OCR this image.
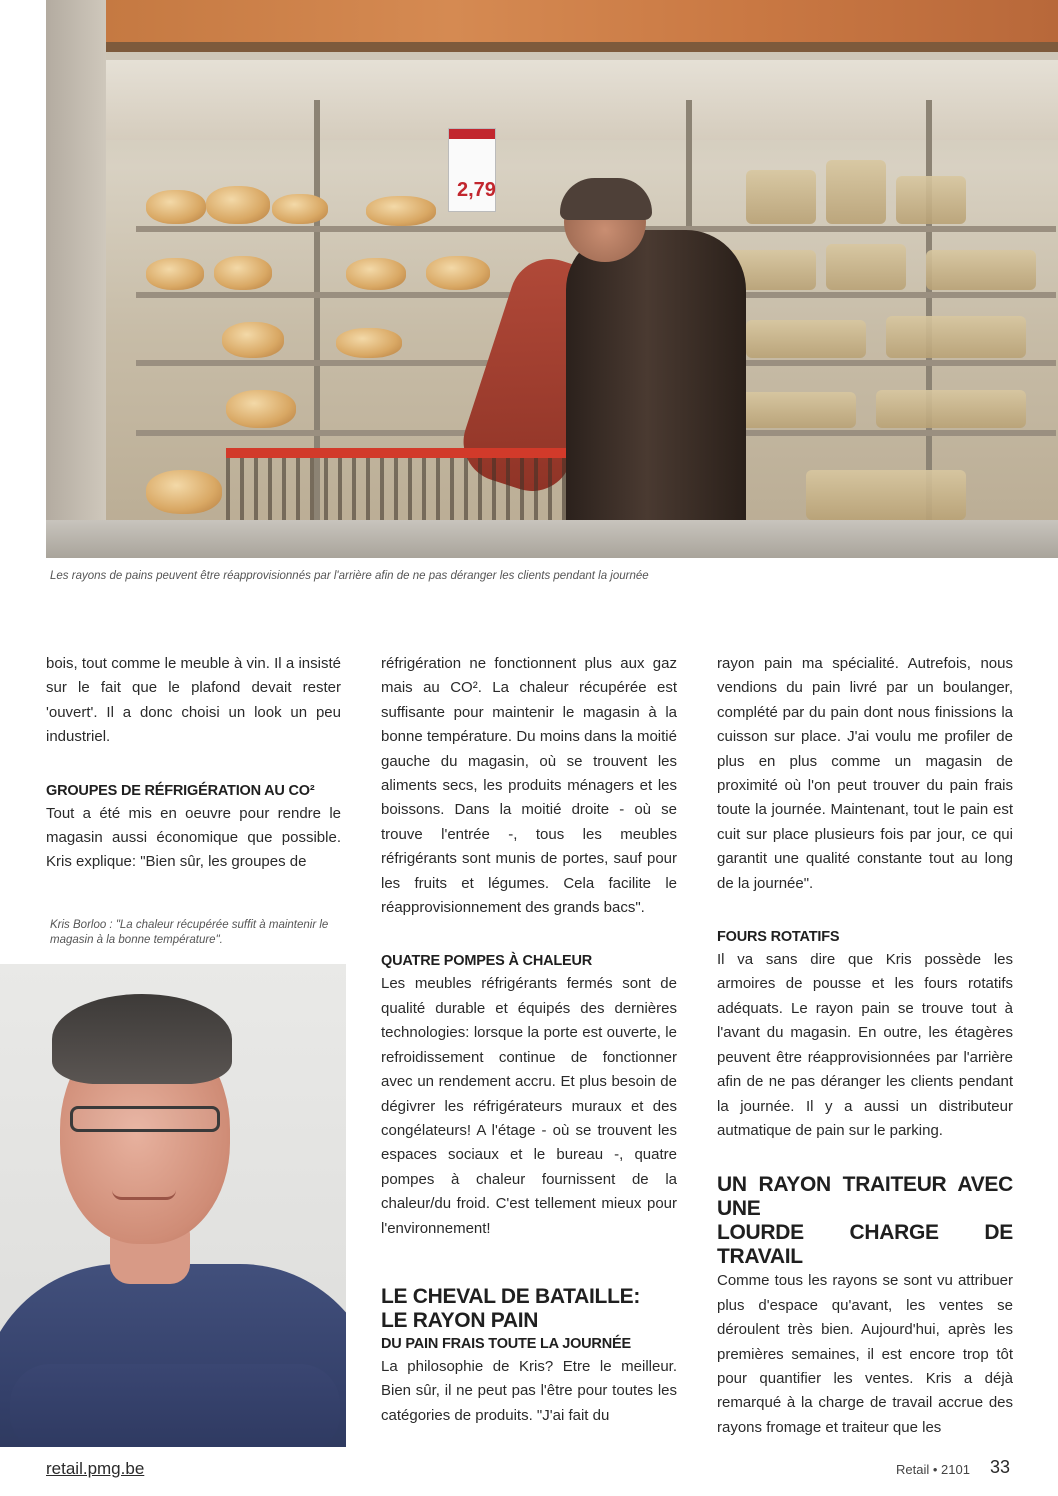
2,79
Les rayons de pains peuvent être réapprovisionnés par l'arrière afin de ne pas déranger les clients pendant la journée

bois, tout comme le meuble à vin. Il a insisté sur le fait que le plafond devait rester 'ouvert'. Il a donc choisi un look un peu industriel.

GROUPES DE RÉFRIGÉRATION AU CO²

Tout a été mis en oeuvre pour rendre le magasin aussi économique que possible. Kris explique: "Bien sûr, les groupes de

Kris Borloo : "La chaleur récupérée suffit à maintenir le magasin à la bonne température".

réfrigération ne fonctionnent plus aux gaz mais au CO². La chaleur récupérée est suffisante pour maintenir le magasin à la bonne température. Du moins dans la moitié gauche du magasin, où se trouvent les aliments secs, les produits ménagers et les boissons. Dans la moitié droite - où se trouve l'entrée -, tous les meubles réfrigérants sont munis de portes, sauf pour les fruits et légumes. Cela facilite le réapprovisionnement des grands bacs".

QUATRE POMPES À CHALEUR

Les meubles réfrigérants fermés sont de qualité durable et équipés des dernières technologies: lorsque la porte est ouverte, le refroidissement continue de fonctionner avec un rendement accru. Et plus besoin de dégivrer les réfrigérateurs muraux et des congélateurs! A l'étage - où se trouvent les espaces sociaux et le bureau -, quatre pompes à chaleur fournissent de la chaleur/du froid. C'est tellement mieux pour l'environnement!

LE CHEVAL DE BATAILLE:
LE RAYON PAIN
DU PAIN FRAIS TOUTE LA JOURNÉE

La philosophie de Kris? Etre le meilleur. Bien sûr, il ne peut pas l'être pour toutes les catégories de produits. "J'ai fait du

rayon pain ma spécialité. Autrefois, nous vendions du pain livré par un boulanger, complété par du pain dont nous finissions la cuisson sur place. J'ai voulu me profiler de plus en plus comme un magasin de proximité où l'on peut trouver du pain frais toute la journée. Maintenant, tout le pain est cuit sur place plusieurs fois par jour, ce qui garantit une qualité constante tout au long de la journée".

FOURS ROTATIFS

Il va sans dire que Kris possède les armoires de pousse et les fours rotatifs adéquats. Le rayon pain se trouve tout à l'avant du magasin. En outre, les étagères peuvent être réapprovisionnées par l'arrière afin de ne pas déranger les clients pendant la journée. Il y a aussi un distributeur autmatique de pain sur le parking.

UN RAYON TRAITEUR AVEC UNE
LOURDE CHARGE DE TRAVAIL

Comme tous les rayons se sont vu attribuer plus d'espace qu'avant, les ventes se déroulent très bien. Aujourd'hui, après les premières semaines, il est encore trop tôt pour quantifier les ventes. Kris a déjà remarqué à la charge de travail accrue des rayons fromage et traiteur que les

retail.pmg.be	Retail • 2101 33
